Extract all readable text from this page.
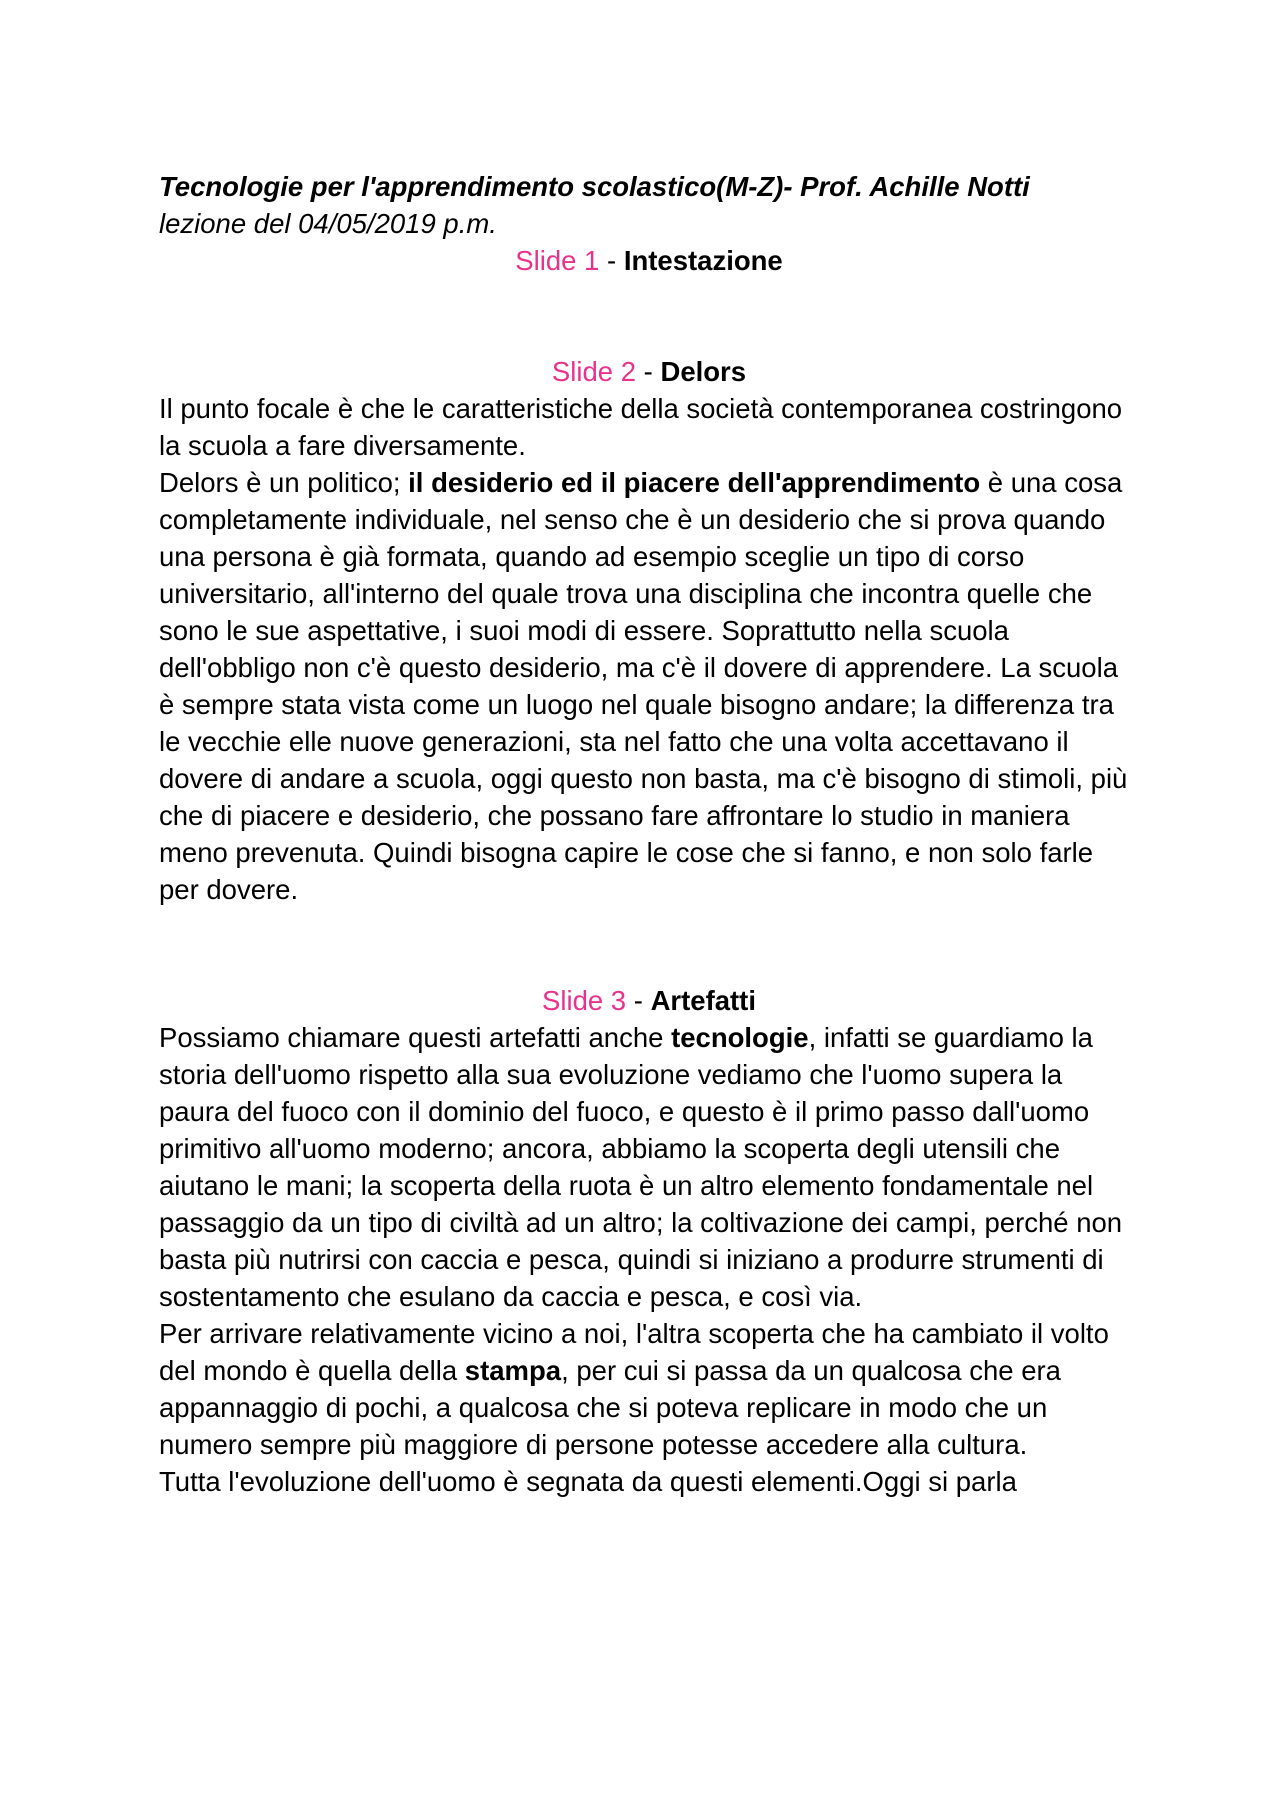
Tecnologie per l'apprendimento scolastico(M-Z)- Prof. Achille Notti

lezione del 04/05/2019 p.m.

Slide 1 - Intestazione
Slide 2 - Delors

Il punto focale è che le caratteristiche della società contemporanea costringono la scuola a fare diversamente.

Delors è un politico; il desiderio ed il piacere dell'apprendimento è una cosa completamente individuale, nel senso che è un desiderio che si prova quando una persona è già formata, quando ad esempio sceglie un tipo di corso universitario, all'interno del quale trova una disciplina che incontra quelle che sono le sue aspettative, i suoi modi di essere. Soprattutto nella scuola dell'obbligo non c'è questo desiderio, ma c'è il dovere di apprendere. La scuola è sempre stata vista come un luogo nel quale bisogno andare; la differenza tra le vecchie elle nuove generazioni, sta nel fatto che una volta accettavano il dovere di andare a scuola, oggi questo non basta, ma c'è bisogno di stimoli, più che di piacere e desiderio, che possano fare affrontare lo studio in maniera meno prevenuta. Quindi bisogna capire le cose che si fanno, e non solo farle per dovere.

Slide 3 - Artefatti

Possiamo chiamare questi artefatti anche tecnologie, infatti se guardiamo la storia dell'uomo rispetto alla sua evoluzione vediamo che l'uomo supera la paura del fuoco con il dominio del fuoco, e questo è il primo passo dall'uomo primitivo all'uomo moderno; ancora, abbiamo la scoperta degli utensili che aiutano le mani; la scoperta della ruota è un altro elemento fondamentale nel passaggio da un tipo di civiltà ad un altro; la coltivazione dei campi, perché non basta più nutrirsi con caccia e pesca, quindi si iniziano a produrre strumenti di sostentamento che esulano da caccia e pesca, e così via.

Per arrivare relativamente vicino a noi, l'altra scoperta che ha cambiato il volto del mondo è quella della stampa, per cui si passa da un qualcosa che era appannaggio di pochi, a qualcosa che si poteva replicare in modo che un numero sempre più maggiore di persone potesse accedere alla cultura.

Tutta l'evoluzione dell'uomo è segnata da questi elementi.Oggi si parla
